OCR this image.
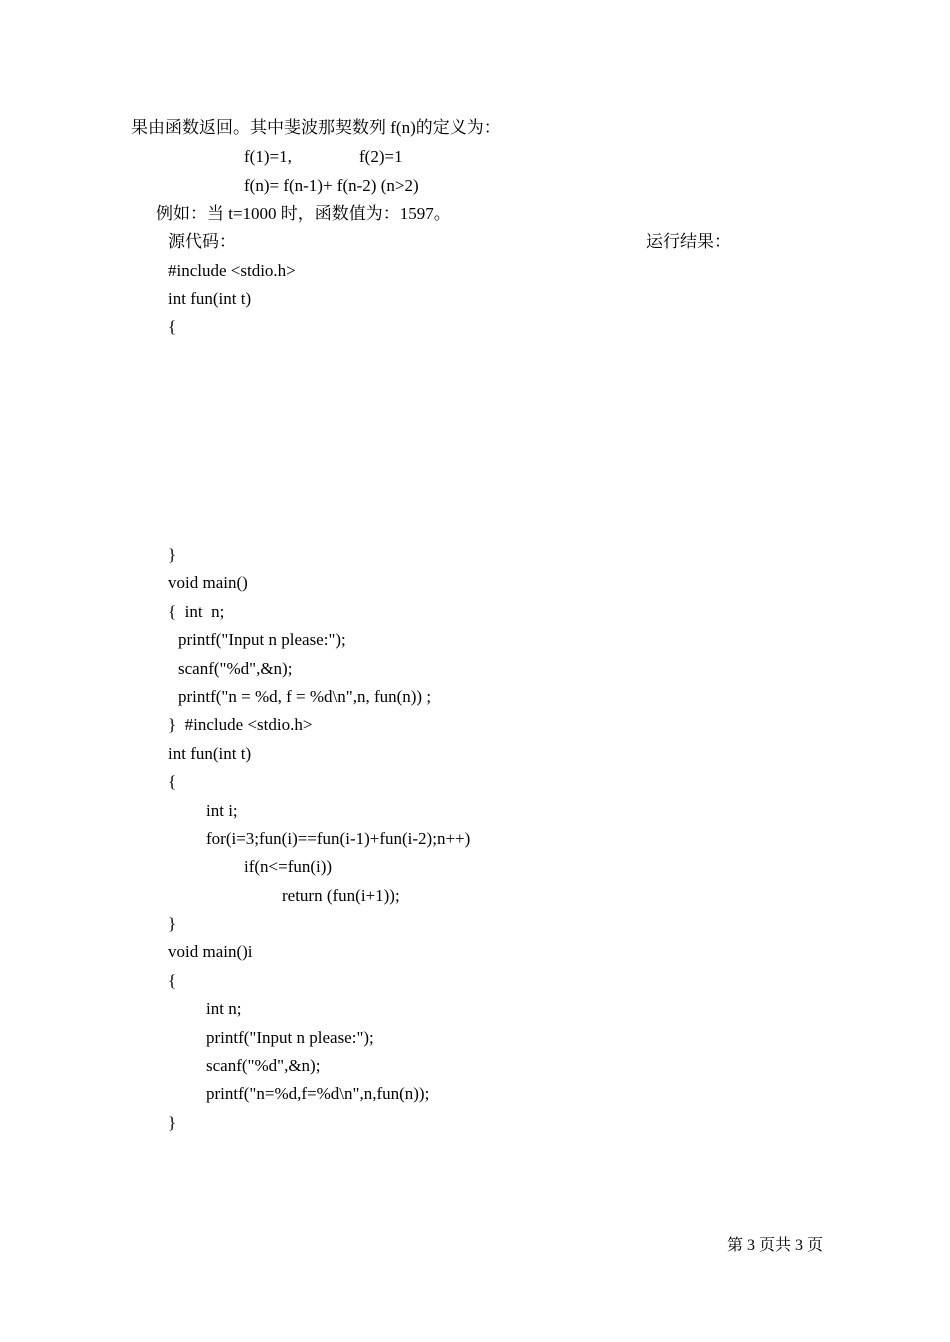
果由函数返回。其中斐波那契数列 f(n)的定义为：

f(1)=1,	f(2)=1

f(n)= f(n-1)+ f(n-2) (n>2)

例如：当 t=1000 时，函数值为：1597。

源代码：	运行结果：

#include <stdio.h>

int fun(int t)

{

}

void main()

{  int  n;

printf("Input n please:");

scanf("%d",&n);

printf("n = %d, f = %d\n",n, fun(n)) ;

}  #include <stdio.h>

int fun(int t)

{

int i;

for(i=3;fun(i)==fun(i-1)+fun(i-2);n++)

if(n<=fun(i))

return (fun(i+1));

}

void main()i

{

int n;

printf("Input n please:");

scanf("%d",&n);

printf("n=%d,f=%d\n",n,fun(n));

}

第 3 页共 3 页
